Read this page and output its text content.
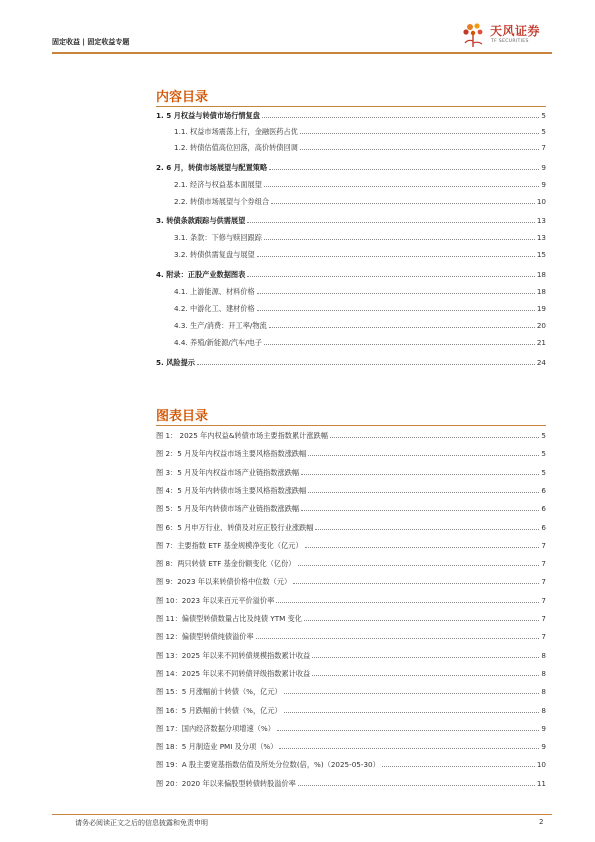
固定收益 | 固定收益专题
天风证券
TF SECURITIES
内容目录
1. 5 月权益与转债市场行情复盘	5
1.1. 权益市场震荡上行，金融医药占优	5
1.2. 转债估值高位回落，高价转债回调	7
2. 6 月，转债市场展望与配置策略	9
2.1. 经济与权益基本面展望	9
2.2. 转债市场展望与个券组合	10
3. 转债条款跟踪与供需展望	13
3.1. 条款：下修与赎回跟踪	13
3.2. 转债供需复盘与展望	15
4. 附录：正股产业数据图表	18
4.1. 上游能源、材料价格	18
4.2. 中游化工、建材价格	19
4.3. 生产/消费：开工率/物流	20
4.4. 养殖/新能源/汽车/电子	21
5. 风险提示	24
图表目录
图 1： 2025 年内权益&转债市场主要指数累计涨跌幅	5
图 2：5 月及年内权益市场主要风格指数涨跌幅	5
图 3：5 月及年内权益市场产业链指数涨跌幅	5
图 4：5 月及年内转债市场主要风格指数涨跌幅	6
图 5：5 月及年内转债市场产业链指数涨跌幅	6
图 6：5 月申万行业、转债及对应正股行业涨跌幅	6
图 7：主要指数 ETF 基金规模净变化（亿元）	7
图 8：两只转债 ETF 基金份额变化（亿份）	7
图 9：2023 年以来转债价格中位数（元）	7
图 10：2023 年以来百元平价溢价率	7
图 11：偏债型转债数量占比及纯债 YTM 变化	7
图 12：偏债型转债纯债溢价率	7
图 13：2025 年以来不同转债规模指数累计收益	8
图 14：2025 年以来不同转债评级指数累计收益	8
图 15：5 月涨幅前十转债（%，亿元）	8
图 16：5 月跌幅前十转债（%，亿元）	8
图 17：国内经济数据分项增速（%）	9
图 18：5 月制造业 PMI 及分项（%）	9
图 19：A 股主要宽基指数估值及所处分位数(倍，%)（2025-05-30）	10
图 20：2020 年以来偏股型转债转股溢价率	11
请务必阅读正文之后的信息披露和免责申明	2
